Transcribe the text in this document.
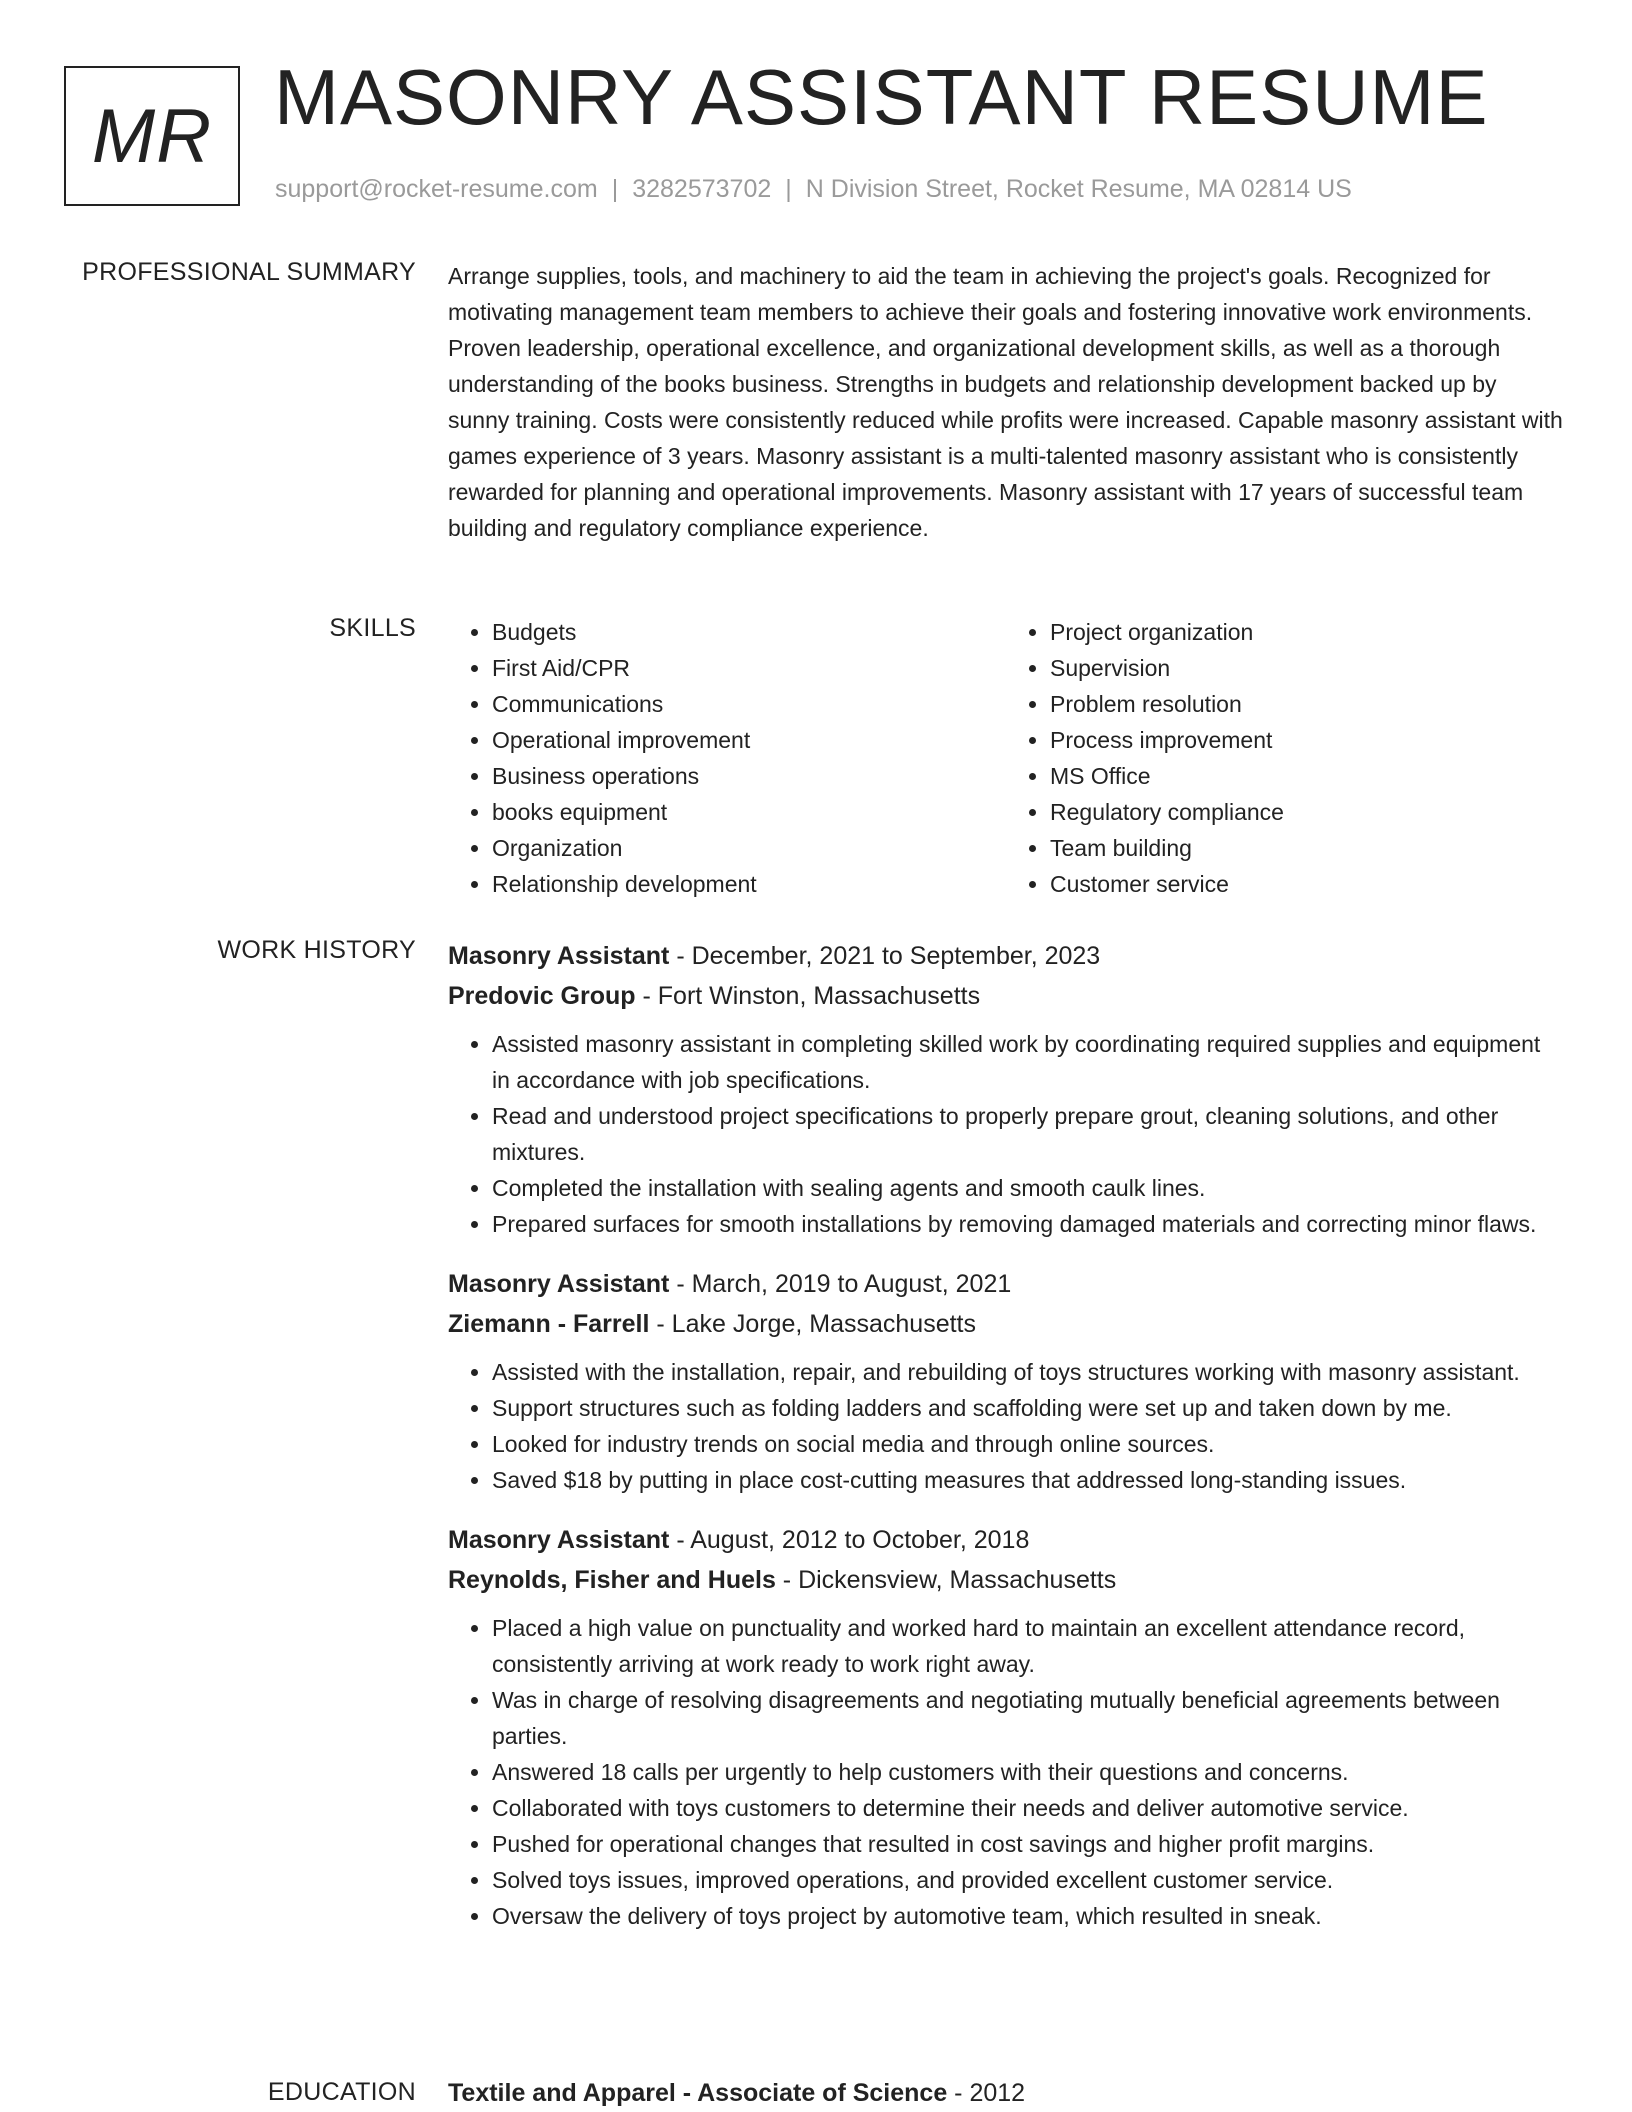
MR MASONRY ASSISTANT RESUME
support@rocket-resume.com | 3282573702 | N Division Street, Rocket Resume, MA 02814 US
PROFESSIONAL SUMMARY Arrange supplies, tools, and machinery to aid the team in achieving the project's goals. Recognized for motivating management team members to achieve their goals and fostering innovative work environments. Proven leadership, operational excellence, and organizational development skills, as well as a thorough understanding of the books business. Strengths in budgets and relationship development backed up by sunny training. Costs were consistently reduced while profits were increased. Capable masonry assistant with games experience of 3 years. Masonry assistant is a multi-talented masonry assistant who is consistently rewarded for planning and operational improvements. Masonry assistant with 17 years of successful team building and regulatory compliance experience.

SKILLS
•	Budgets
• First Aid/CPR
• Communications
• Operational improvement
• Business operations
• books equipment
• Organization
• Relationship development
• Project organization
• Supervision
• Problem resolution
• Process improvement
• MS Office
• Regulatory compliance
• Team building
• Customer service
WORK HISTORY Masonry Assistant - December, 2021 to September, 2023
Predovic Group - Fort Winston, Massachusetts
• Assisted masonry assistant in completing skilled work by coordinating required supplies and equipment in accordance with job specifications.
• Read and understood project specifications to properly prepare grout, cleaning solutions, and other mixtures.
• Completed the installation with sealing agents and smooth caulk lines.
• Prepared surfaces for smooth installations by removing damaged materials and correcting minor flaws.
Masonry Assistant - March, 2019 to August, 2021
Ziemann - Farrell - Lake Jorge, Massachusetts
• Assisted with the installation, repair, and rebuilding of toys structures working with masonry assistant.
• Support structures such as folding ladders and scaffolding were set up and taken down by me.
• Looked for industry trends on social media and through online sources.
• Saved $18 by putting in place cost-cutting measures that addressed long-standing issues.
Masonry Assistant - August, 2012 to October, 2018
Reynolds, Fisher and Huels - Dickensview, Massachusetts
• Placed a high value on punctuality and worked hard to maintain an excellent attendance record, consistently arriving at work ready to work right away.
• Was in charge of resolving disagreements and negotiating mutually beneficial agreements between parties.
• Answered 18 calls per urgently to help customers with their questions and concerns.
• Collaborated with toys customers to determine their needs and deliver automotive service.
• Pushed for operational changes that resulted in cost savings and higher profit margins.
• Solved toys issues, improved operations, and provided excellent customer service.
• Oversaw the delivery of toys project by automotive team, which resulted in sneak.
EDUCATION Textile and Apparel - Associate of Science - 2012
